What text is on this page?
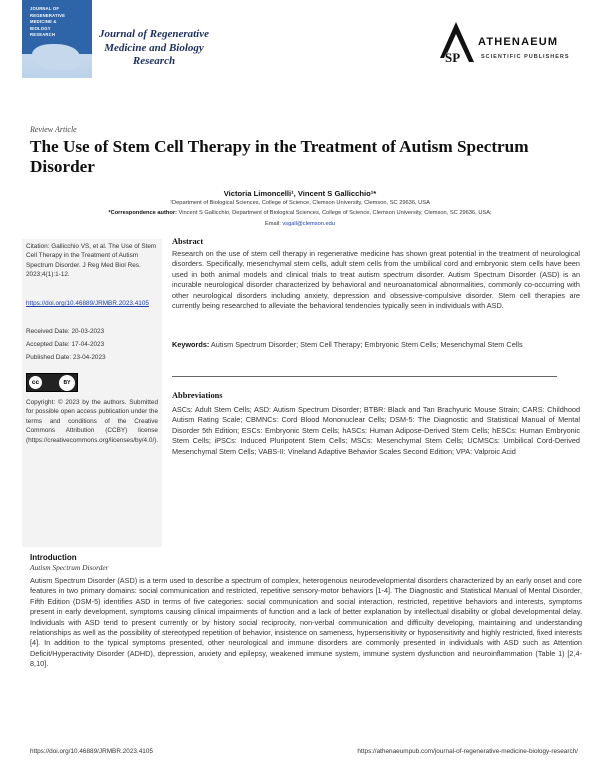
JOURNAL OF
REGENERATIVE
MEDICINE &
BIOLOGY
RESEARCH	Journal of Regenerative
Medicine and Biology
Research	SP
ATHENAEUM
SCIENTIFIC PUBLISHERS
Review Article
The Use of Stem Cell Therapy in the Treatment of Autism Spectrum Disorder
Victoria Limoncelli¹, Vincent S Gallicchio¹*
¹Department of Biological Sciences, College of Science, Clemson University, Clemson, SC 29636, USA
*Correspondence author: Vincent S Gallicchio, Department of Biological Sciences, College of Science, Clemson University, Clemson, SC 29636, USA;
Email: vsgall@clemson.edu
Citation: Gallicchio VS, et al. The Use of Stem Cell Therapy in the Treatment of Autism Spectrum Disorder. J Reg Med Biol Res. 2023;4(1):1-12.
https://doi.org/10.46889/JRMBR.2023.4105
Received Date: 20-03-2023
Accepted Date: 17-04-2023
Published Date: 23-04-2023
cc	BY
Copyright: © 2023 by the authors. Submitted for possible open access publication under the terms and conditions of the Creative Commons Attribution (CCBY) license (https://creativecommons.org/licenses/by/4.0/).
Abstract
Research on the use of stem cell therapy in regenerative medicine has shown great potential in the treatment of neurological disorders. Specifically, mesenchymal stem cells, adult stem cells from the umbilical cord and embryonic stem cells have been used in both animal models and clinical trials to treat autism spectrum disorder. Autism Spectrum Disorder (ASD) is an incurable neurological disorder characterized by behavioral and neuroanatomical abnormalities, commonly co-occurring with other neurological disorders including anxiety, depression and obsessive-compulsive disorder. Stem cell therapies are currently being researched to alleviate the behavioral tendencies typically seen in individuals with ASD.
Keywords: Autism Spectrum Disorder; Stem Cell Therapy; Embryonic Stem Cells; Mesenchymal Stem Cells
Abbreviations
ASCs: Adult Stem Cells; ASD: Autism Spectrum Disorder; BTBR: Black and Tan Brachyuric Mouse Strain; CARS: Childhood Autism Rating Scale; CBMNCs: Cord Blood Mononuclear Cells; DSM-5: The Diagnostic and Statistical Manual of Mental Disorder 5th Edition; ESCs: Embryonic Stem Cells; hASCs: Human Adipose-Derived Stem Cells; hESCs: Human Embryonic Stem Cells; iPSCs: Induced Pluripotent Stem Cells; MSCs: Mesenchymal Stem Cells; UCMSCs: Umbilical Cord-Derived Mesenchymal Stem Cells; VABS-II: Vineland Adaptive Behavior Scales Second Edition; VPA: Valproic Acid
Introduction
Autism Spectrum Disorder
Autism Spectrum Disorder (ASD) is a term used to describe a spectrum of complex, heterogenous neurodevelopmental disorders characterized by an early onset and core features in two primary domains: social communication and restricted, repetitive sensory-motor behaviors [1-4]. The Diagnostic and Statistical Manual of Mental Disorder, Fifth Edition (DSM-5) identifies ASD in terms of five categories: social communication and social interaction, restricted, repetitive behaviors and interests, symptoms present in early development, symptoms causing clinical impairments of function and a lack of better explanation by intellectual disability or global developmental delay. Individuals with ASD tend to present currently or by history social reciprocity, non-verbal communication and difficulty developing, maintaining and understanding relationships as well as the possibility of stereotyped repetition of behavior, insistence on sameness, hypersensitivity or hyposensitivity and highly restricted, fixed interests [4]. In addition to the typical symptoms presented, other neurological and immune disorders are commonly presented in individuals with ASD such as Attention Deficit/Hyperactivity Disorder (ADHD), depression, anxiety and epilepsy, weakened immune system, immune system dysfunction and neuroinflammation (Table 1) [2,4-8,10].
https://doi.org/10.46889/JRMBR.2023.4105	https://athenaeumpub.com/journal-of-regenerative-medicine-biology-research/
